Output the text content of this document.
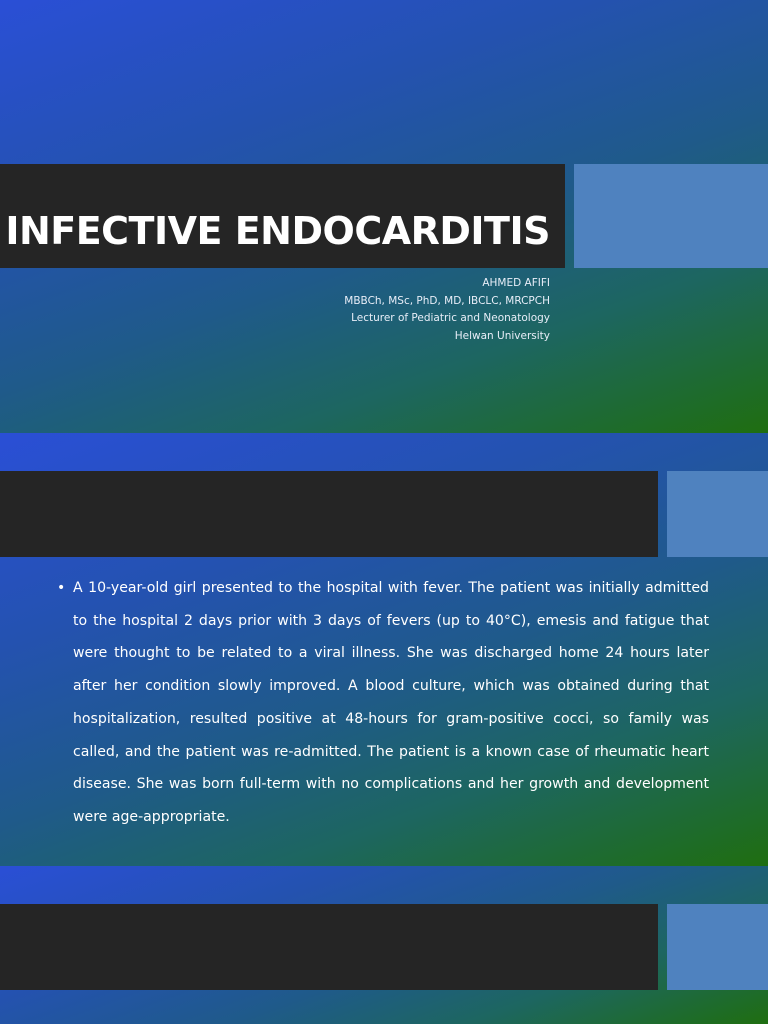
INFECTIVE ENDOCARDITIS
AHMED AFIFI
MBBCh, MSc, PhD, MD, IBCLC, MRCPCH
Lecturer of Pediatric and Neonatology
Helwan University
• A 10-year-old girl presented to the hospital with fever. The patient was initially admitted to the hospital 2 days prior with 3 days of fevers (up to 40°C), emesis and fatigue that were thought to be related to a viral illness. She was discharged home 24 hours later after her condition slowly improved. A blood culture, which was obtained during that hospitalization, resulted positive at 48-hours for gram-positive cocci, so family was called, and the patient was re-admitted. The patient is a known case of rheumatic heart disease. She was born full-term with no complications and her growth and development were age-appropriate.
